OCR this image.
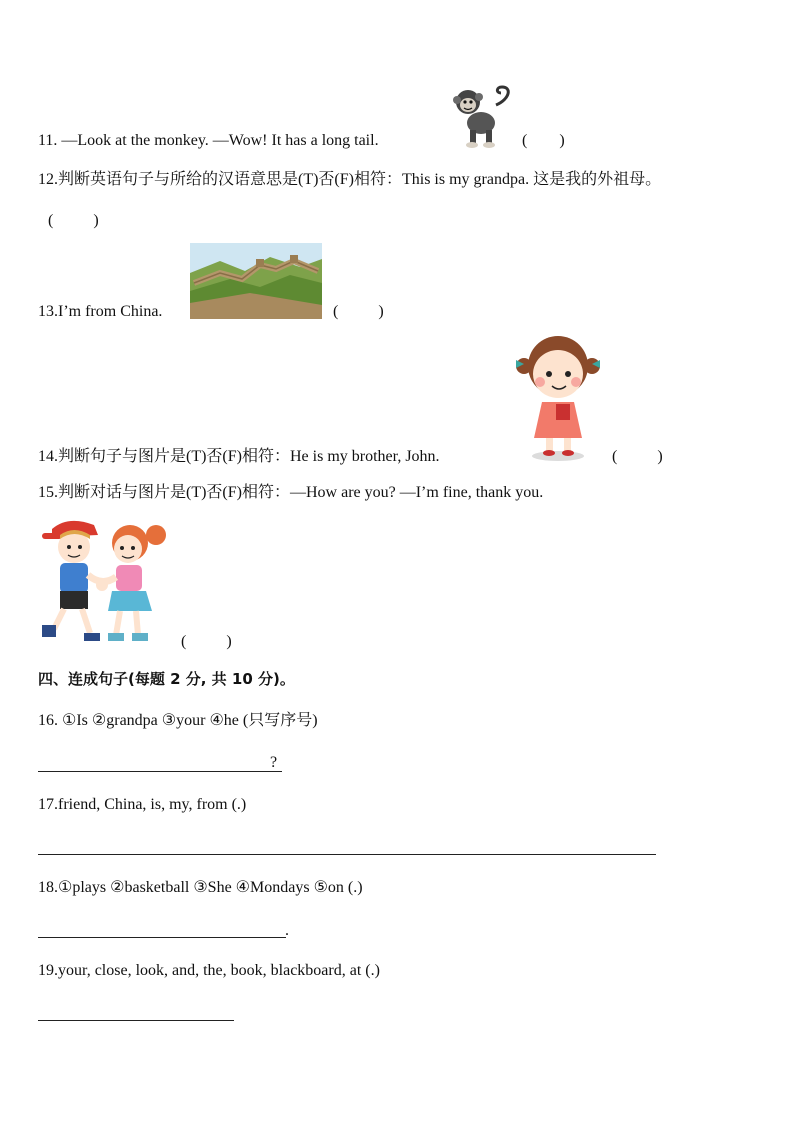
11. —Look at the monkey. —Wow! It has a long tail.	(        )
12.判断英语句子与所给的汉语意思是(T)否(F)相符：This is my grandpa. 这是我的外祖母。
(          )
13.I’m from China.	(          )
14.判断句子与图片是(T)否(F)相符：He is my brother, John.	(          )
15.判断对话与图片是(T)否(F)相符：—How are you? —I’m fine, thank you.
(          )
四、连成句子(每题 2 分, 共 10 分)。
16. ①Is ②grandpa ③your ④he (只写序号)
?
17.friend, China, is, my, from (.)
18.①plays ②basketball ③She ④Mondays ⑤on (.)
.
19.your, close, look, and, the, book, blackboard, at (.)
